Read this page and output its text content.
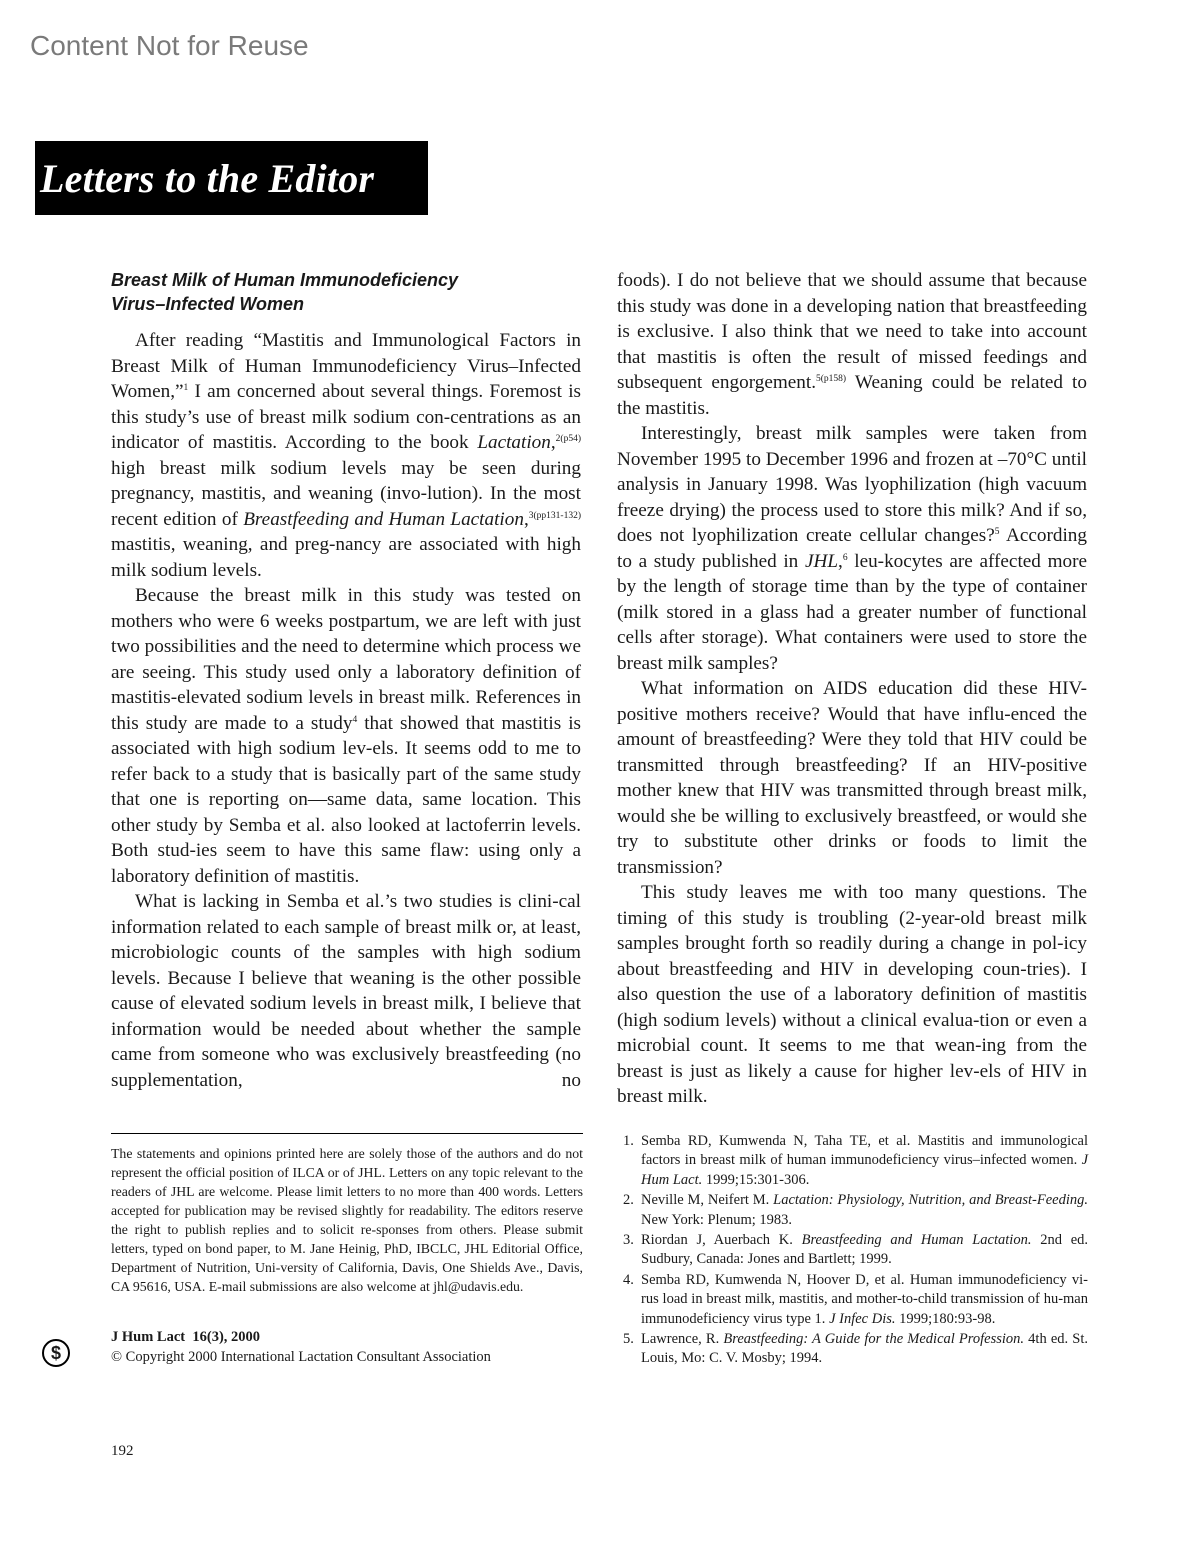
Content Not for Reuse
Letters to the Editor
Breast Milk of Human Immunodeficiency
Virus–Infected Women

After reading “Mastitis and Immunological Factors in Breast Milk of Human Immunodeficiency Virus–Infected Women,”$^1$ I am concerned about several things. Foremost is this study’s use of breast milk sodium con-centrations as an indicator of mastitis. According to the book Lactation,$^{2(p54)}$ high breast milk sodium levels may be seen during pregnancy, mastitis, and weaning (invo-lution). In the most recent edition of Breastfeeding and Human Lactation,$^{3(pp131-132)}$ mastitis, weaning, and preg-nancy are associated with high milk sodium levels.

Because the breast milk in this study was tested on mothers who were 6 weeks postpartum, we are left with just two possibilities and the need to determine which process we are seeing. This study used only a laboratory definition of mastitis-elevated sodium levels in breast milk. References in this study are made to a study$^4$ that showed that mastitis is associated with high sodium lev-els. It seems odd to me to refer back to a study that is basically part of the same study that one is reporting on—same data, same location. This other study by Semba et al. also looked at lactoferrin levels. Both stud-ies seem to have this same flaw: using only a laboratory definition of mastitis.

What is lacking in Semba et al.’s two studies is clini-cal information related to each sample of breast milk or, at least, microbiologic counts of the samples with high sodium levels. Because I believe that weaning is the other possible cause of elevated sodium levels in breast milk, I believe that information would be needed about whether the sample came from someone who was exclusively breastfeeding (no supplementation, no

foods). I do not believe that we should assume that because this study was done in a developing nation that breastfeeding is exclusive. I also think that we need to take into account that mastitis is often the result of missed feedings and subsequent engorgement.$^{5(p158)}$ Weaning could be related to the mastitis.

Interestingly, breast milk samples were taken from November 1995 to December 1996 and frozen at –70°C until analysis in January 1998. Was lyophilization (high vacuum freeze drying) the process used to store this milk? And if so, does not lyophilization create cellular changes?$^5$ According to a study published in JHL,$^6$ leu-kocytes are affected more by the length of storage time than by the type of container (milk stored in a glass had a greater number of functional cells after storage). What containers were used to store the breast milk samples?

What information on AIDS education did these HIV-positive mothers receive? Would that have influ-enced the amount of breastfeeding? Were they told that HIV could be transmitted through breastfeeding? If an HIV-positive mother knew that HIV was transmitted through breast milk, would she be willing to exclusively breastfeed, or would she try to substitute other drinks or foods to limit the transmission?

This study leaves me with too many questions. The timing of this study is troubling (2-year-old breast milk samples brought forth so readily during a change in pol-icy about breastfeeding and HIV in developing coun-tries). I also question the use of a laboratory definition of mastitis (high sodium levels) without a clinical evalua-tion or even a microbial count. It seems to me that wean-ing from the breast is just as likely a cause for higher lev-els of HIV in breast milk.

The statements and opinions printed here are solely those of the authors and do not represent the official position of ILCA or of JHL. Letters on any topic relevant to the readers of JHL are welcome. Please limit letters to no more than 400 words. Letters accepted for publication may be revised slightly for readability. The editors reserve the right to publish replies and to solicit re-sponses from others. Please submit letters, typed on bond paper, to M. Jane Heinig, PhD, IBCLC, JHL Editorial Office, Department of Nutrition, Uni-versity of California, Davis, One Shields Ave., Davis, CA 95616, USA. E-mail submissions are also welcome at jhl@udavis.edu.
$
J Hum Lact 16(3), 2000
© Copyright 2000 International Lactation Consultant Association
1. Semba RD, Kumwenda N, Taha TE, et al. Mastitis and immunological factors in breast milk of human immunodeficiency virus–infected women. J Hum Lact. 1999;15:301-306.
2. Neville M, Neifert M. Lactation: Physiology, Nutrition, and Breast-Feeding. New York: Plenum; 1983.
3. Riordan J, Auerbach K. Breastfeeding and Human Lactation. 2nd ed. Sudbury, Canada: Jones and Bartlett; 1999.
4. Semba RD, Kumwenda N, Hoover D, et al. Human immunodeficiency vi-rus load in breast milk, mastitis, and mother-to-child transmission of hu-man immunodeficiency virus type 1. J Infec Dis. 1999;180:93-98.
5. Lawrence, R. Breastfeeding: A Guide for the Medical Profession. 4th ed. St. Louis, Mo: C. V. Mosby; 1994.
192
